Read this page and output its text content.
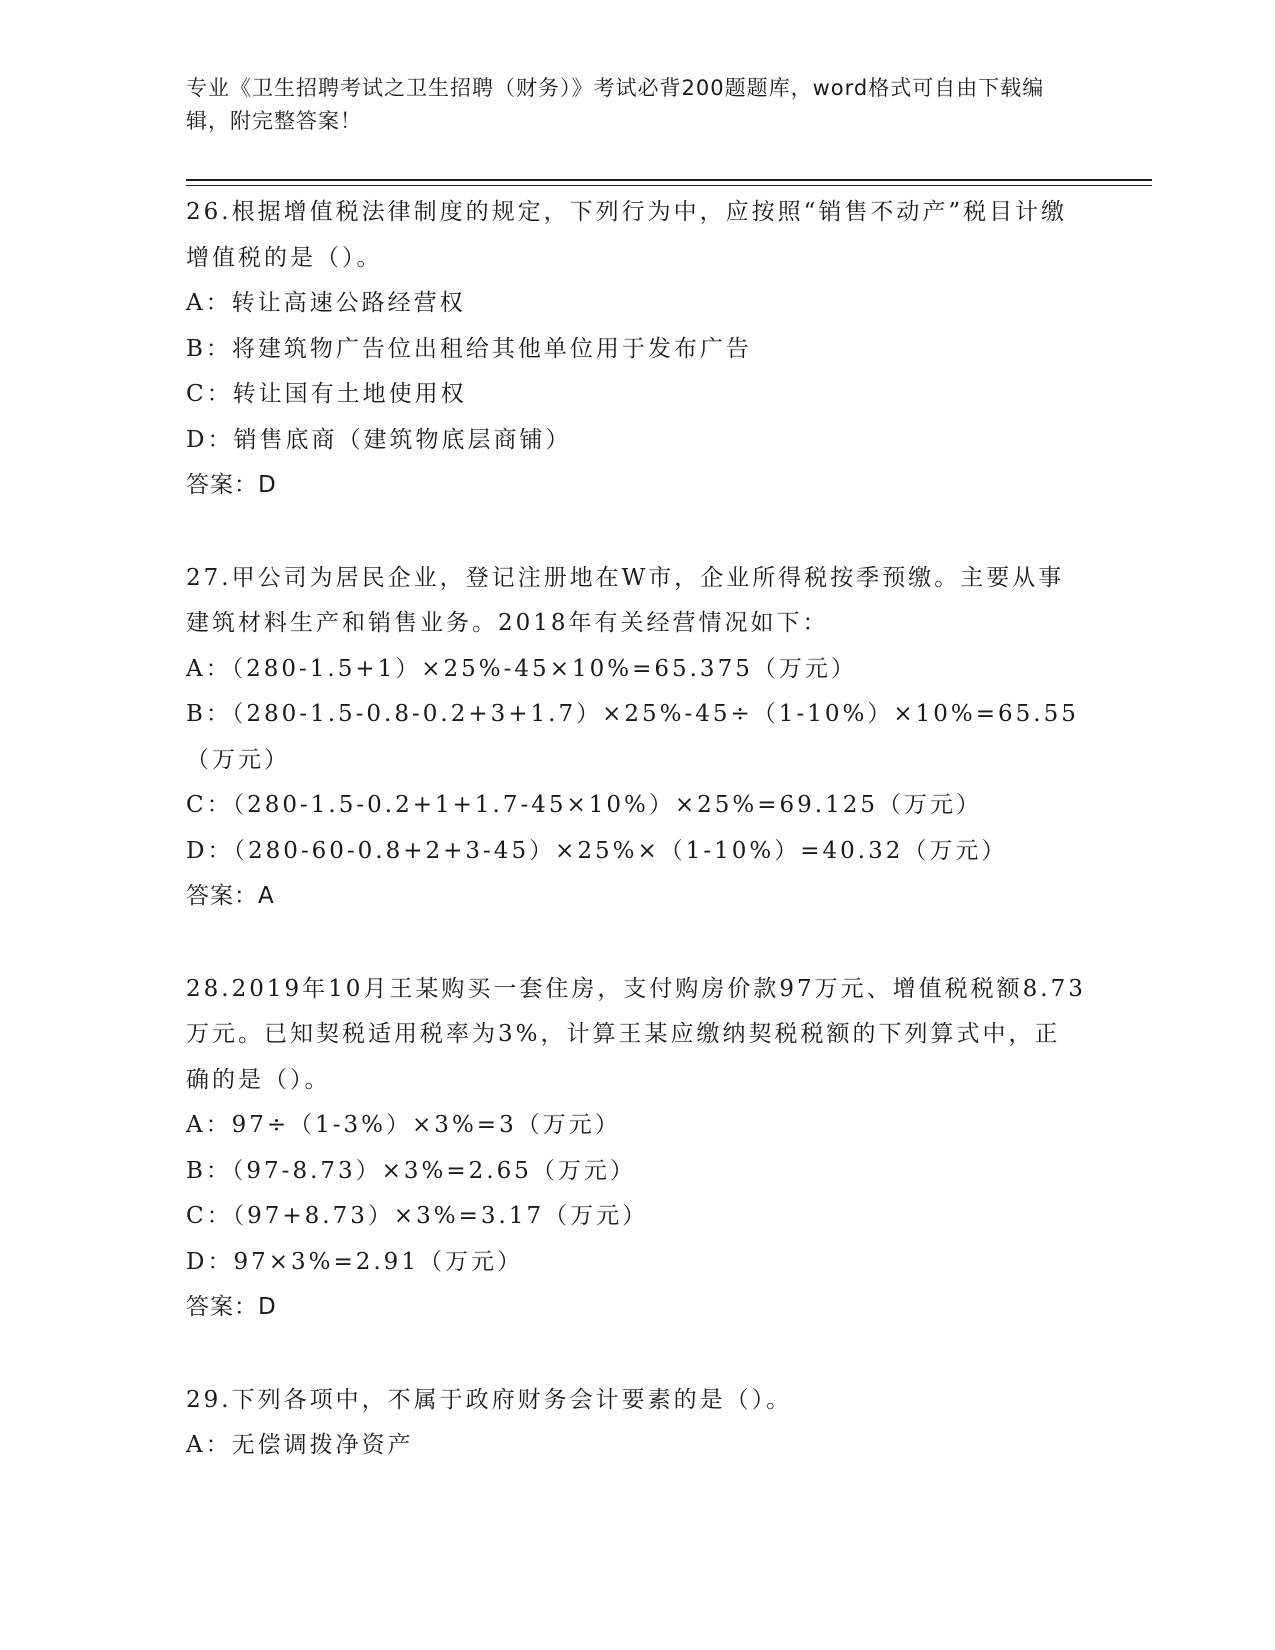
专业《卫生招聘考试之卫生招聘（财务）》考试必背200题题库，word格式可自由下载编辑，附完整答案！
26.根据增值税法律制度的规定，下列行为中，应按照“销售不动产”税目计缴增值税的是（）。
A：转让高速公路经营权
B：将建筑物广告位出租给其他单位用于发布广告
C：转让国有土地使用权
D：销售底商（建筑物底层商铺）
答案：D
27.甲公司为居民企业，登记注册地在W市，企业所得税按季预缴。主要从事建筑材料生产和销售业务。2018年有关经营情况如下：
A：（280-1.5+1）×25%-45×10%=65.375（万元）
B：（280-1.5-0.8-0.2+3+1.7）×25%-45÷（1-10%）×10%=65.55（万元）
C：（280-1.5-0.2+1+1.7-45×10%）×25%=69.125（万元）
D：（280-60-0.8+2+3-45）×25%×（1-10%）=40.32（万元）
答案：A
28.2019年10月王某购买一套住房，支付购房价款97万元、增值税税额8.73万元。已知契税适用税率为3%，计算王某应缴纳契税税额的下列算式中，正确的是（）。
A：97÷（1-3%）×3%=3（万元）
B：（97-8.73）×3%=2.65（万元）
C：（97+8.73）×3%=3.17（万元）
D：97×3%=2.91（万元）
答案：D
29.下列各项中，不属于政府财务会计要素的是（）。
A：无偿调拨净资产
